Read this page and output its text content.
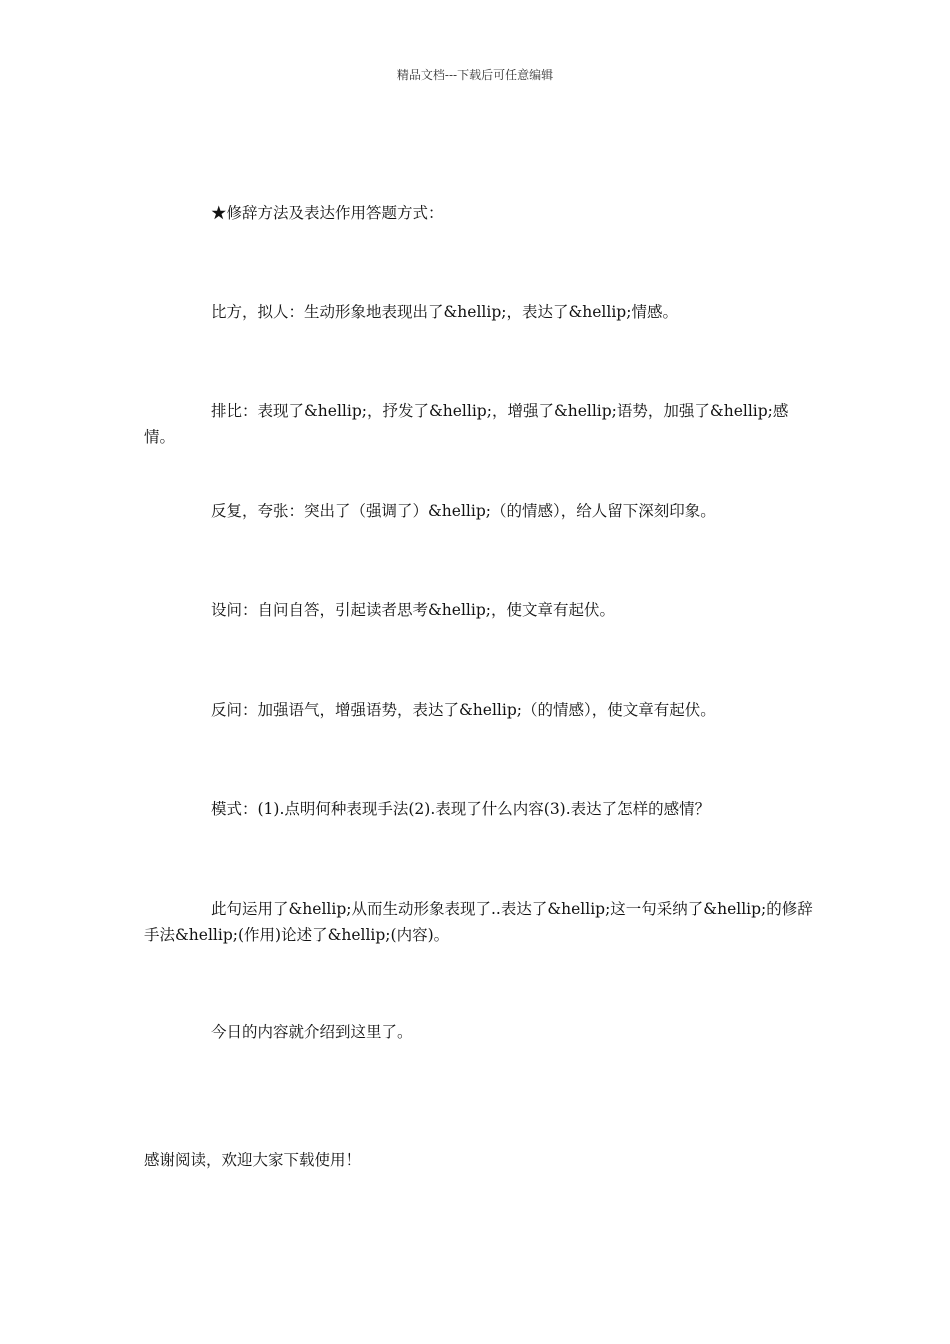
精品文档---下载后可任意编辑
★修辞方法及表达作用答题方式：
比方，拟人：生动形象地表现出了&hellip;，表达了&hellip;情感。
排比：表现了&hellip;，抒发了&hellip;，增强了&hellip;语势，加强了&hellip;感情。
反复，夸张：突出了（强调了）&hellip;（的情感），给人留下深刻印象。
设问：自问自答，引起读者思考&hellip;，使文章有起伏。
反问：加强语气，增强语势，表达了&hellip;（的情感），使文章有起伏。
模式：(1).点明何种表现手法(2).表现了什么内容(3).表达了怎样的感情？
此句运用了&hellip;从而生动形象表现了..表达了&hellip;这一句采纳了&hellip;的修辞手法&hellip;(作用)论述了&hellip;(内容)。
今日的内容就介绍到这里了。
感谢阅读，欢迎大家下载使用！
